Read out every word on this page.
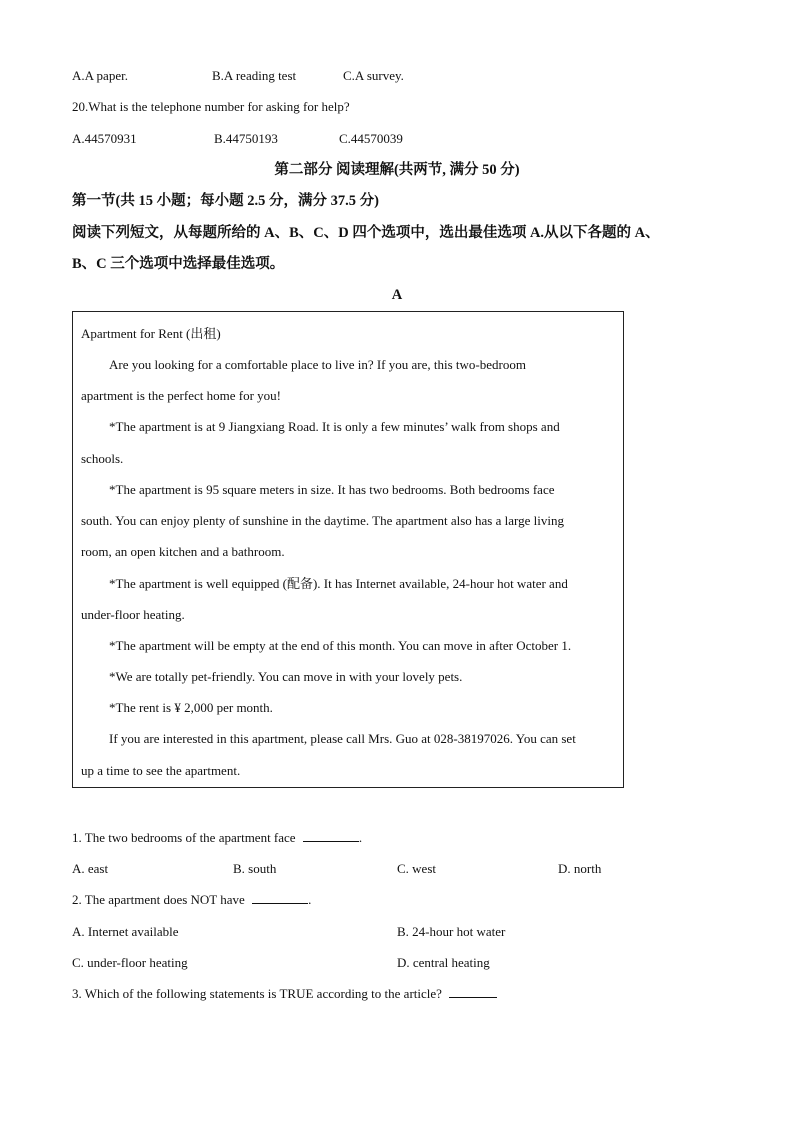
A.A paper.	B.A reading test	C.A survey.
20.What is the telephone number for asking for help?
A.44570931	B.44750193	C.44570039
第二部分 阅读理解(共两节, 满分 50 分)
第一节(共 15 小题；每小题 2.5 分，满分 37.5 分)
阅读下列短文，从每题所给的 A、B、C、D 四个选项中，选出最佳选项 A.从以下各题的 A、
B、C 三个选项中选择最佳选项。
A
Apartment for Rent (出租)
Are you looking for a comfortable place to live in? If you are, this two-bedroom
apartment is the perfect home for you!
*The apartment is at 9 Jiangxiang Road. It is only a few minutes’ walk from shops and
schools.
*The apartment is 95 square meters in size. It has two bedrooms. Both bedrooms face
south. You can enjoy plenty of sunshine in the daytime. The apartment also has a large living
room, an open kitchen and a bathroom.
*The apartment is well equipped (配备). It has Internet available, 24-hour hot water and
under-floor heating.
*The apartment will be empty at the end of this month. You can move in after October 1.
*We are totally pet-friendly. You can move in with your lovely pets.
*The rent is ¥ 2,000 per month.
If you are interested in this apartment, please call Mrs. Guo at 028-38197026. You can set
up a time to see the apartment.
1. The two bedrooms of the apartment face	.
A. east	B. south	C. west	D. north
2. The apartment does NOT have	.
A. Internet available	B. 24-hour hot water
C. under-floor heating	D. central heating
3. Which of the following statements is TRUE according to the article?
